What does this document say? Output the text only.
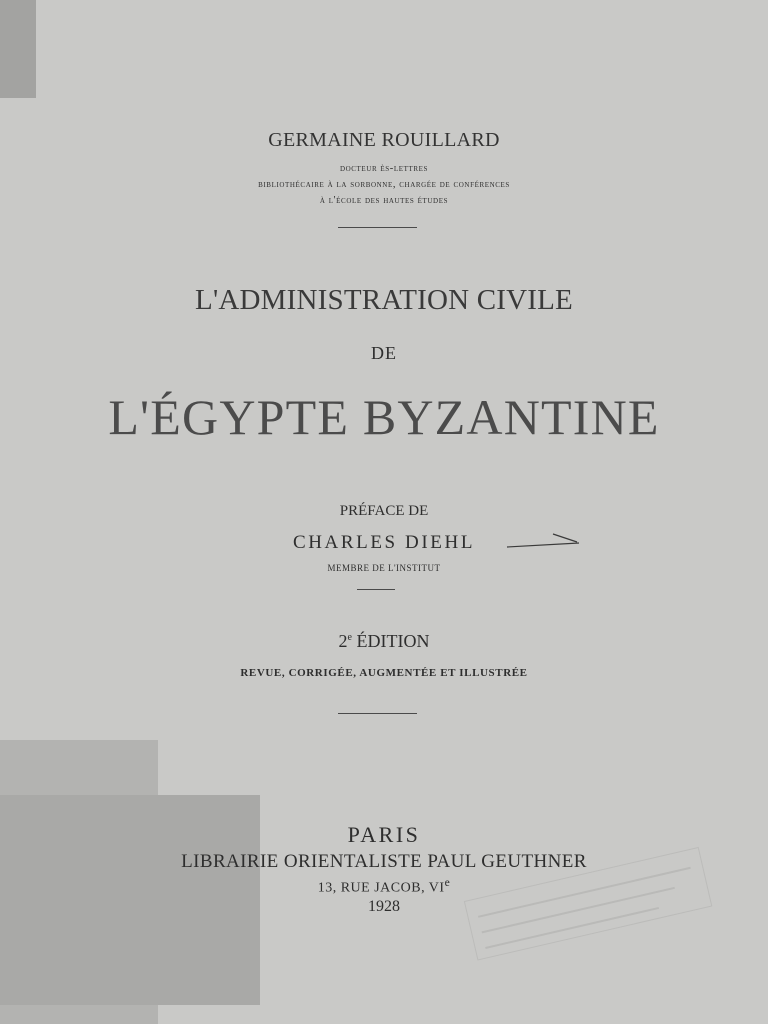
GERMAINE ROUILLARD
docteur ès-lettres
bibliothécaire à la sorbonne, chargée de conférences
à l'école des hautes études
L'ADMINISTRATION CIVILE
DE
L'ÉGYPTE BYZANTINE
PRÉFACE DE
CHARLES DIEHL
MEMBRE DE L'INSTITUT
2e ÉDITION
REVUE, CORRIGÉE, AUGMENTÉE ET ILLUSTRÉE
PARIS
LIBRAIRIE ORIENTALISTE PAUL GEUTHNER
13, RUE JACOB, VIe
1928
